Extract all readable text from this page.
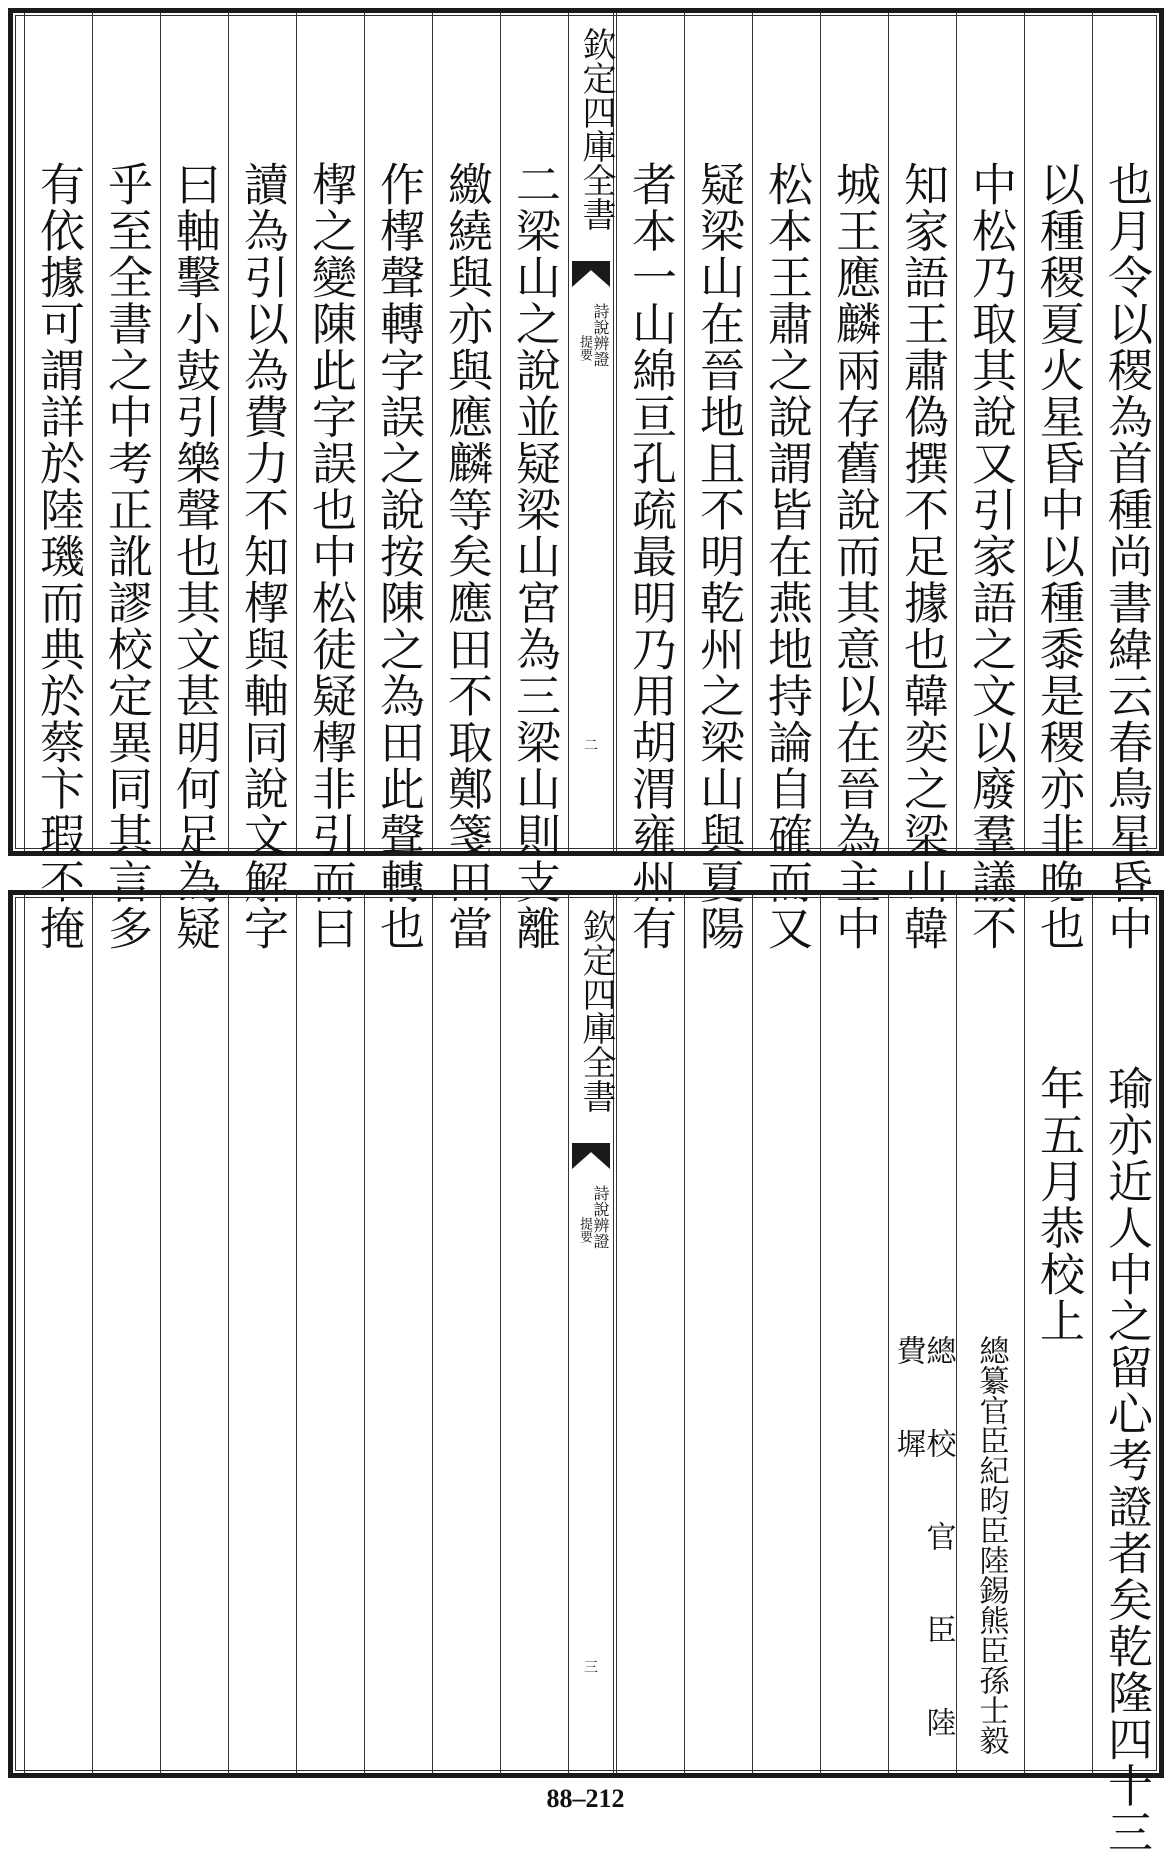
也月令以稷為首種尚書緯云春鳥星昏中
以種稷夏火星昏中以種黍是稷亦非晚也
中松乃取其說又引家語之文以廢羣議不
知家語王肅偽撰不足據也韓奕之梁山韓
城王應麟兩存舊說而其意以在晉為主中
松本王肅之說謂皆在燕地持論自確而又
疑梁山在晉地且不明乾州之梁山與夏陽
者本一山綿亘孔疏最明乃用胡渭雍州有
欽定四庫全書
詩說辨證
提要
二
二梁山之說並疑梁山宮為三梁山則支離
繳繞與亦與應麟等矣應田不取鄭箋田當
作㮮聲轉字誤之說按陳之為田此聲轉也
㮮之變陳此字誤也中松徒疑㮮非引而曰
讀為引以為費力不知㮮與軸同說文解字
曰軸擊小鼓引樂聲也其文甚明何足為疑
乎至全書之中考正訛謬校定異同其言多
有依據可謂詳於陸璣而典於蔡卞瑕不掩
瑜亦近人中之留心考證者矣乾隆四十三
年五月恭校上
總纂官臣紀昀臣陸錫熊臣孫士毅
總 校 官 臣 陸 費 墀
欽定四庫全書
詩說辨證
提要
三
88–212
